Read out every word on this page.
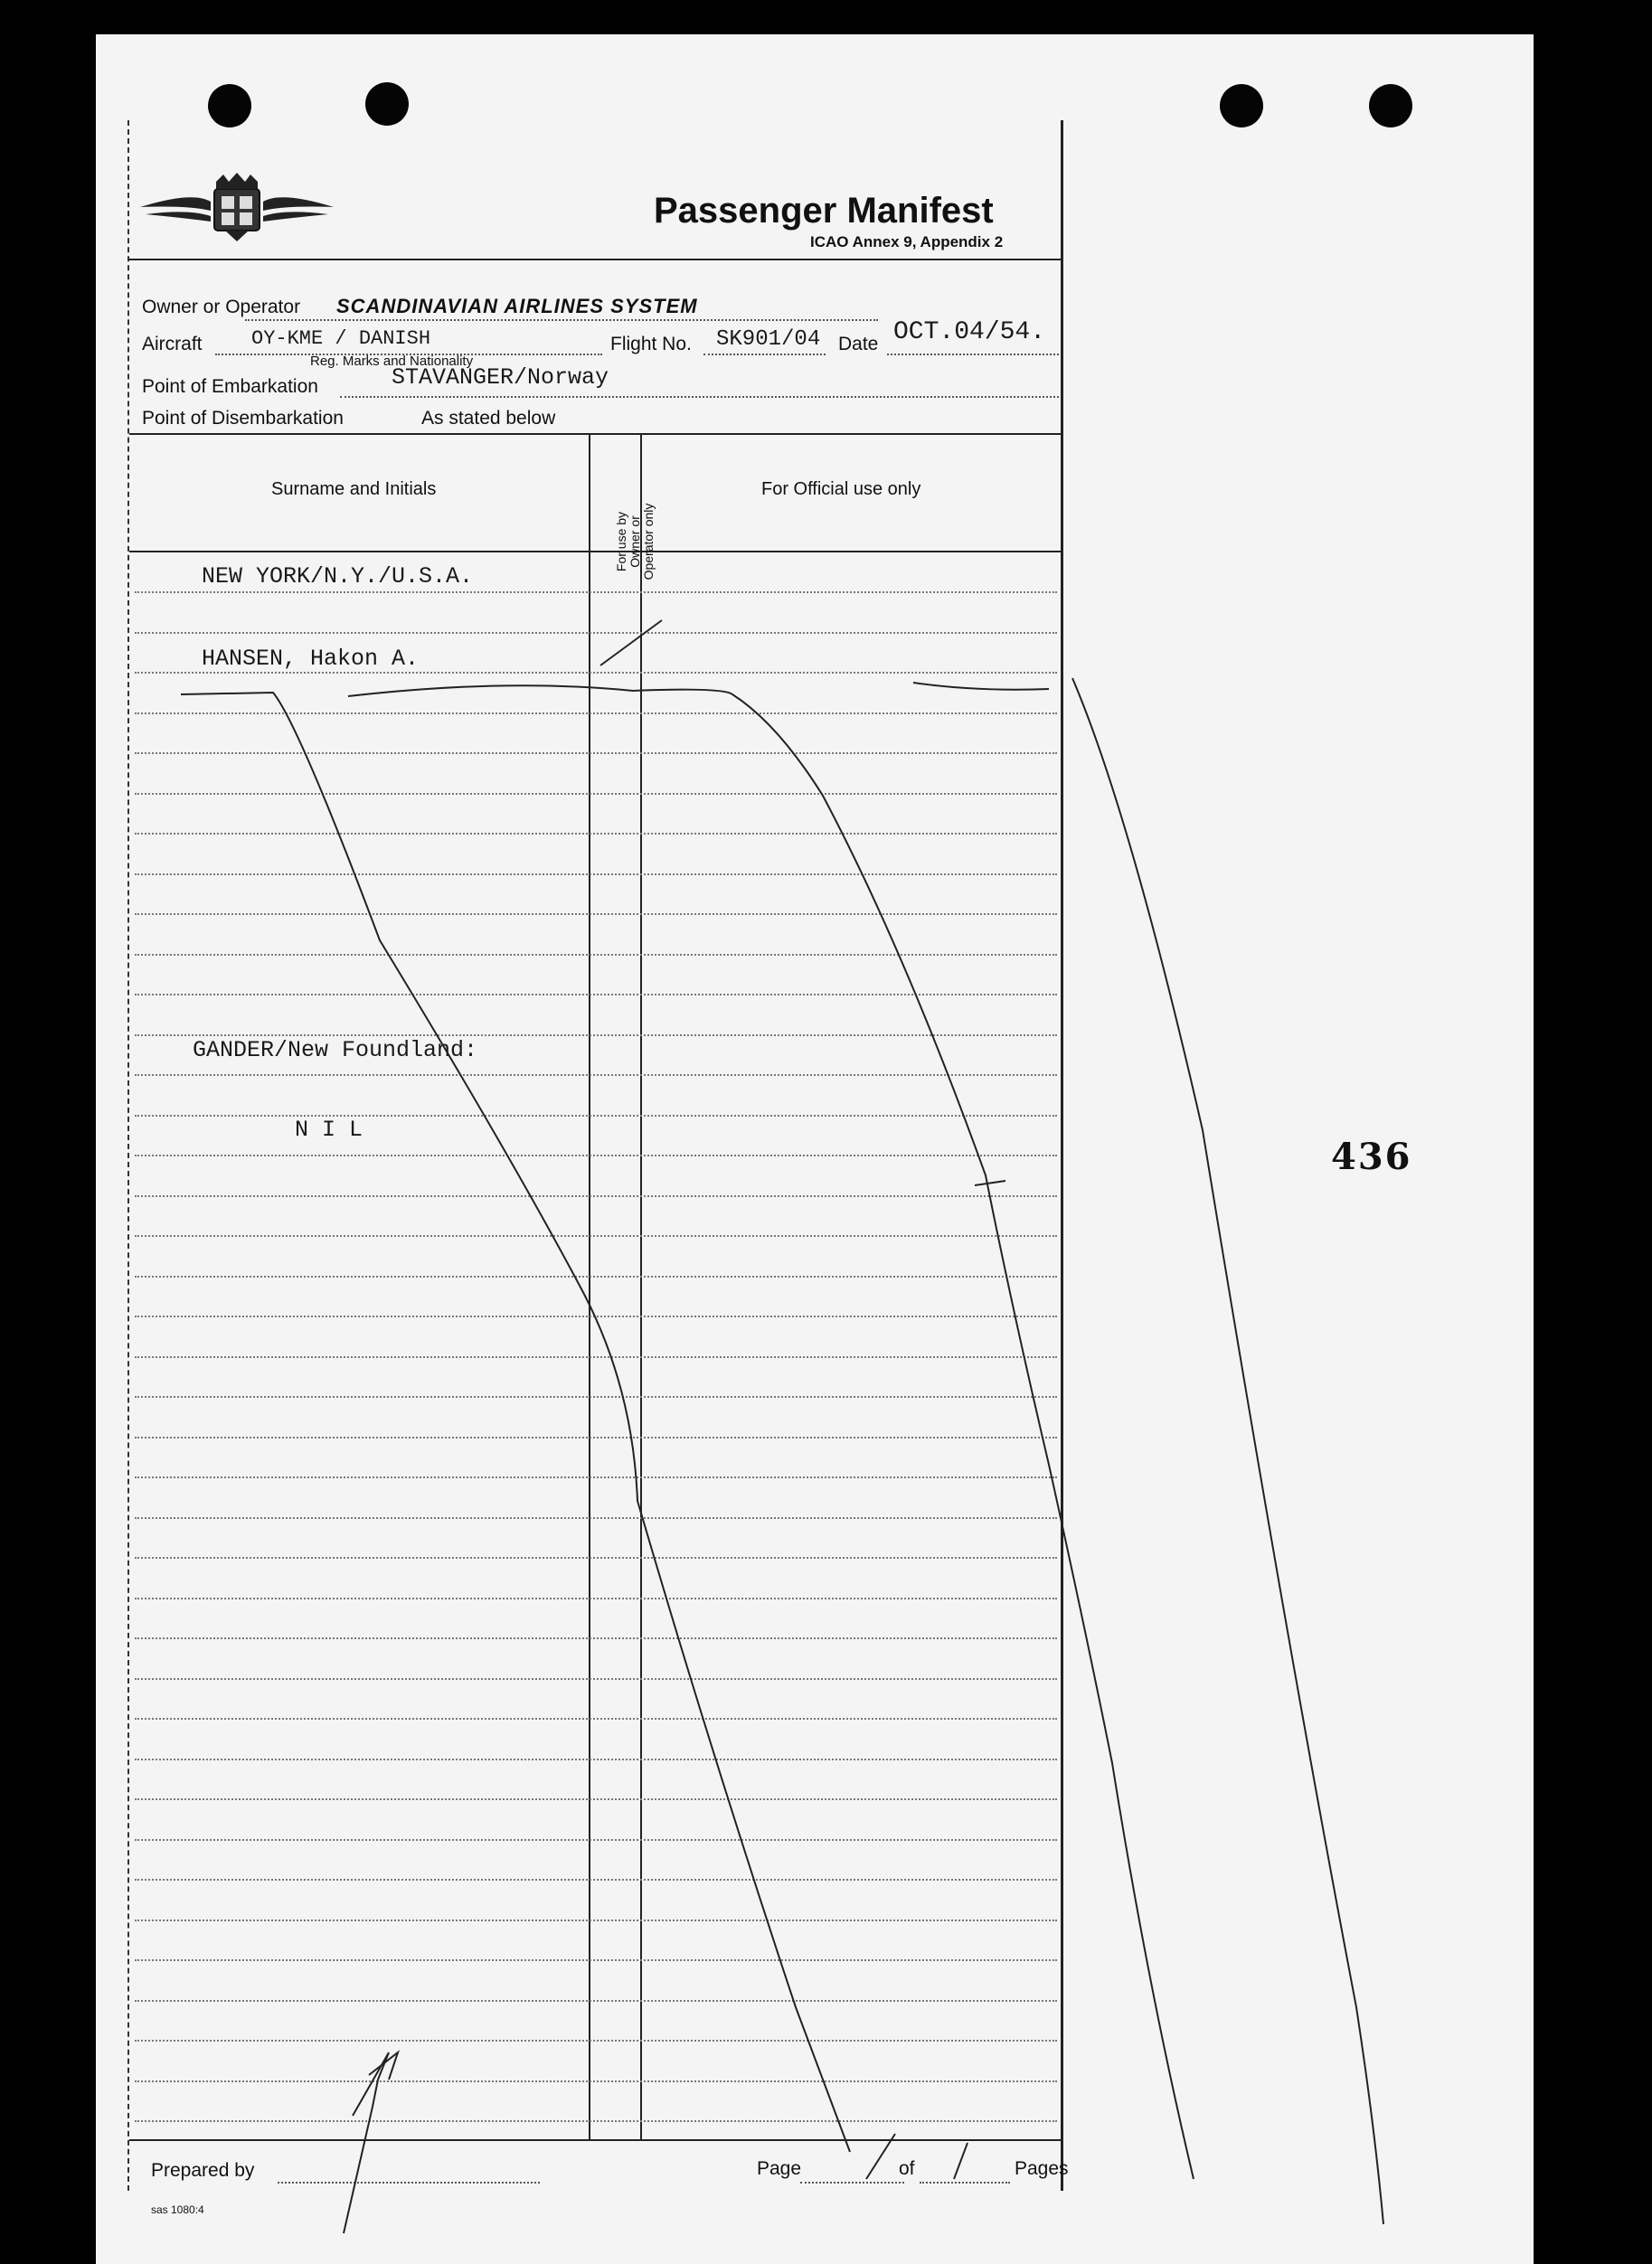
Passenger Manifest
ICAO Annex 9, Appendix 2
Owner or Operator SCANDINAVIAN AIRLINES SYSTEM
Aircraft OY-KME / DANISH
Reg. Marks and Nationality
Flight No. SK901/04 Date OCT.04/54.
Point of Embarkation	STAVANGER/Norway
Point of Disembarkation	As stated below
Surname and Initials
For use by Owner or Operator only
For Official use only
NEW YORK/N.Y./U.S.A.
HANSEN, Hakon A.
GANDER/New Foundland:
N I L
Prepared by	Page	of	Pages
sas 1080:4
436
